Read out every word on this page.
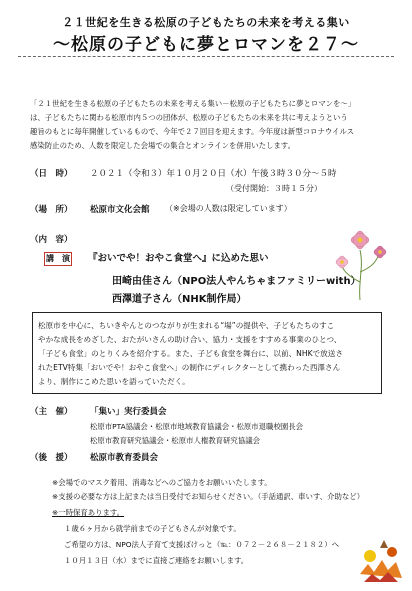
２１世紀を生きる松原の子どもたちの未来を考える集い
～松原の子どもに夢とロマンを２７～
「２１世紀を生きる松原の子どもたちの未来を考える集い－松原の子どもたちに夢とロマンを～」
は、子どもたちに関わる松原市内５つの団体が、松原の子どもたちの未来を共に考えようという
趣旨のもとに毎年開催しているもので、今年で２７回目を迎えます。今年度は新型コロナウイルス
感染防止のため、人数を限定した会場での集合とオンラインを併用いたします。
（日　時）	２０２１（令和３）年１０月２０日（水）午後３時３０分～５時
（受付開始：３時１５分）
（場　所）	松原市文化会館 （※会場の人数は限定しています）
（内　容）
講　演 『おいでや！おやこ食堂へ』に込めた思い
田崎由佳さん（NPO法人やんちゃまファミリーwith）
西澤道子さん（NHK制作局）
松原市を中心に、ちいきやんとのつながりが生まれる“場”の提供や、子どもたちのすこ
やかな成長をめざした、おたがいさんの助け合い、協力・支援をすすめる事業のひとつ、
「子ども食堂」のとりくみを紹介する。また、子ども食堂を舞台に、以前、NHKで放送さ
れたETV特集「おいでや！おやこ食堂へ」の制作にディレクターとして携わった西澤さん
より、制作にこめた思いを語っていただく。
（主　催）	「集い」実行委員会
松原市PTA協議会・松原市地域教育協議会・松原市退職校園長会
松原市教育研究協議会・松原市人権教育研究協議会
（後　援）	松原市教育委員会
※会場でのマスク着用、消毒などへのご協力をお願いいたします。
※支援の必要な方は上記または当日受付でお知らせください。（手話通訳、車いす、介助など）
※一時保育あります。
１歳６ヶ月から就学前までの子どもさんが対象です。
ご希望の方は、NPO法人子育て支援ぽけっと（℡：０７２－２６８－２１８２）へ
１０月１３日（水）までに直接ご連絡をお願いします。
